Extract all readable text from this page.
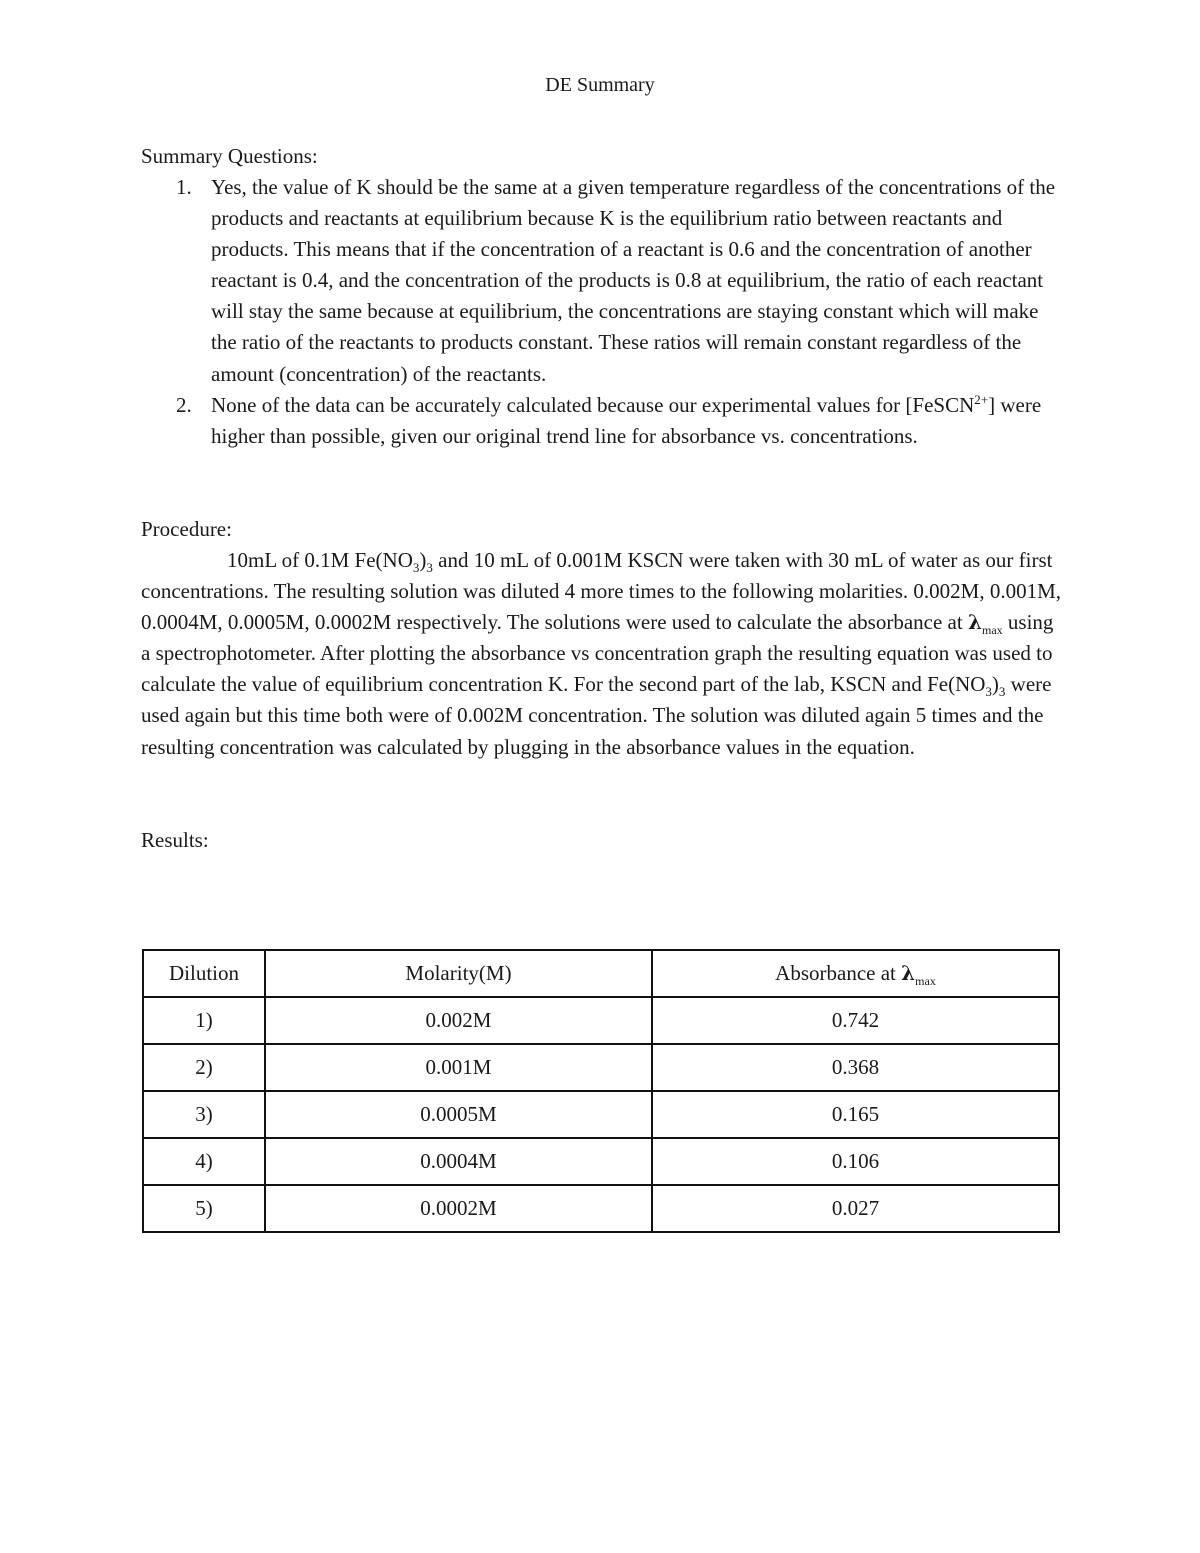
DE Summary
Summary Questions:
1. Yes, the value of K should be the same at a given temperature regardless of the concentrations of the products and reactants at equilibrium because K is the equilibrium ratio between reactants and products. This means that if the concentration of a reactant is 0.6 and the concentration of another reactant is 0.4, and the concentration of the products is 0.8 at equilibrium, the ratio of each reactant will stay the same because at equilibrium, the concentrations are staying constant which will make the ratio of the reactants to products constant. These ratios will remain constant regardless of the amount (concentration) of the reactants.
2. None of the data can be accurately calculated because our experimental values for [FeSCN$^{2+}$] were higher than possible, given our original trend line for absorbance vs. concentrations.
Procedure:
10mL of 0.1M $Fe(NO_3)_3$ and 10 mL of 0.001M KSCN were taken with 30 mL of water as our first concentrations. The resulting solution was diluted 4 more times to the following molarities. 0.002M, 0.001M, 0.0004M, 0.0005M, 0.0002M respectively. The solutions were used to calculate the absorbance at $\lambda_{max}$ using a spectrophotometer. After plotting the absorbance vs concentration graph the resulting equation was used to calculate the value of equilibrium concentration K. For the second part of the lab, KSCN and $Fe(NO_3)_3$ were used again but this time both were of 0.002M concentration. The solution was diluted again 5 times and the resulting concentration was calculated by plugging in the absorbance values in the equation.
Results:
Dilution	Molarity(M)	Absorbance at $\lambda_{max}$
1)	0.002M	0.742
2)	0.001M	0.368
3)	0.0005M	0.165
4)	0.0004M	0.106
5)	0.0002M	0.027
